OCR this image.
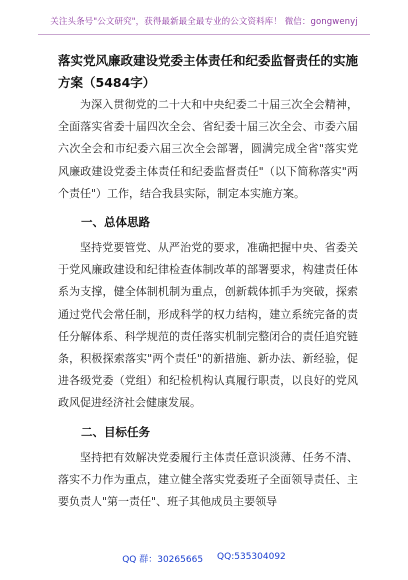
关注头条号"公文研究"，获得最新最全最专业的公文资料库！ 微信：gongwenyj

落实党风廉政建设党委主体责任和纪委监督责任的实施方案（5484字）

为深入贯彻党的二十大和中央纪委二十届三次全会精神，全面落实省委十届四次全会、省纪委十届三次全会、市委六届六次全会和市纪委六届三次全会部署，圆满完成全省"落实党风廉政建设党委主体责任和纪委监督责任"（以下简称落实"两个责任"）工作，结合我县实际，制定本实施方案。

一、总体思路

坚持党要管党、从严治党的要求，准确把握中央、省委关于党风廉政建设和纪律检查体制改革的部署要求，构建责任体系为支撑，健全体制机制为重点，创新载体抓手为突破，探索通过党代会常任制，形成科学的权力结构，建立系统完备的责任分解体系、科学规范的责任落实机制完整闭合的责任追究链条，积极探索落实"两个责任"的新措施、新办法、新经验，促进各级党委（党组）和纪检机构认真履行职责，以良好的党风政风促进经济社会健康发展。

二、目标任务

坚持把有效解决党委履行主体责任意识淡薄、任务不清、落实不力作为重点，建立健全落实党委班子全面领导责任、主要负责人"第一责任"、班子其他成员主要领导

QQ 群：30265665 QQ:535304092
